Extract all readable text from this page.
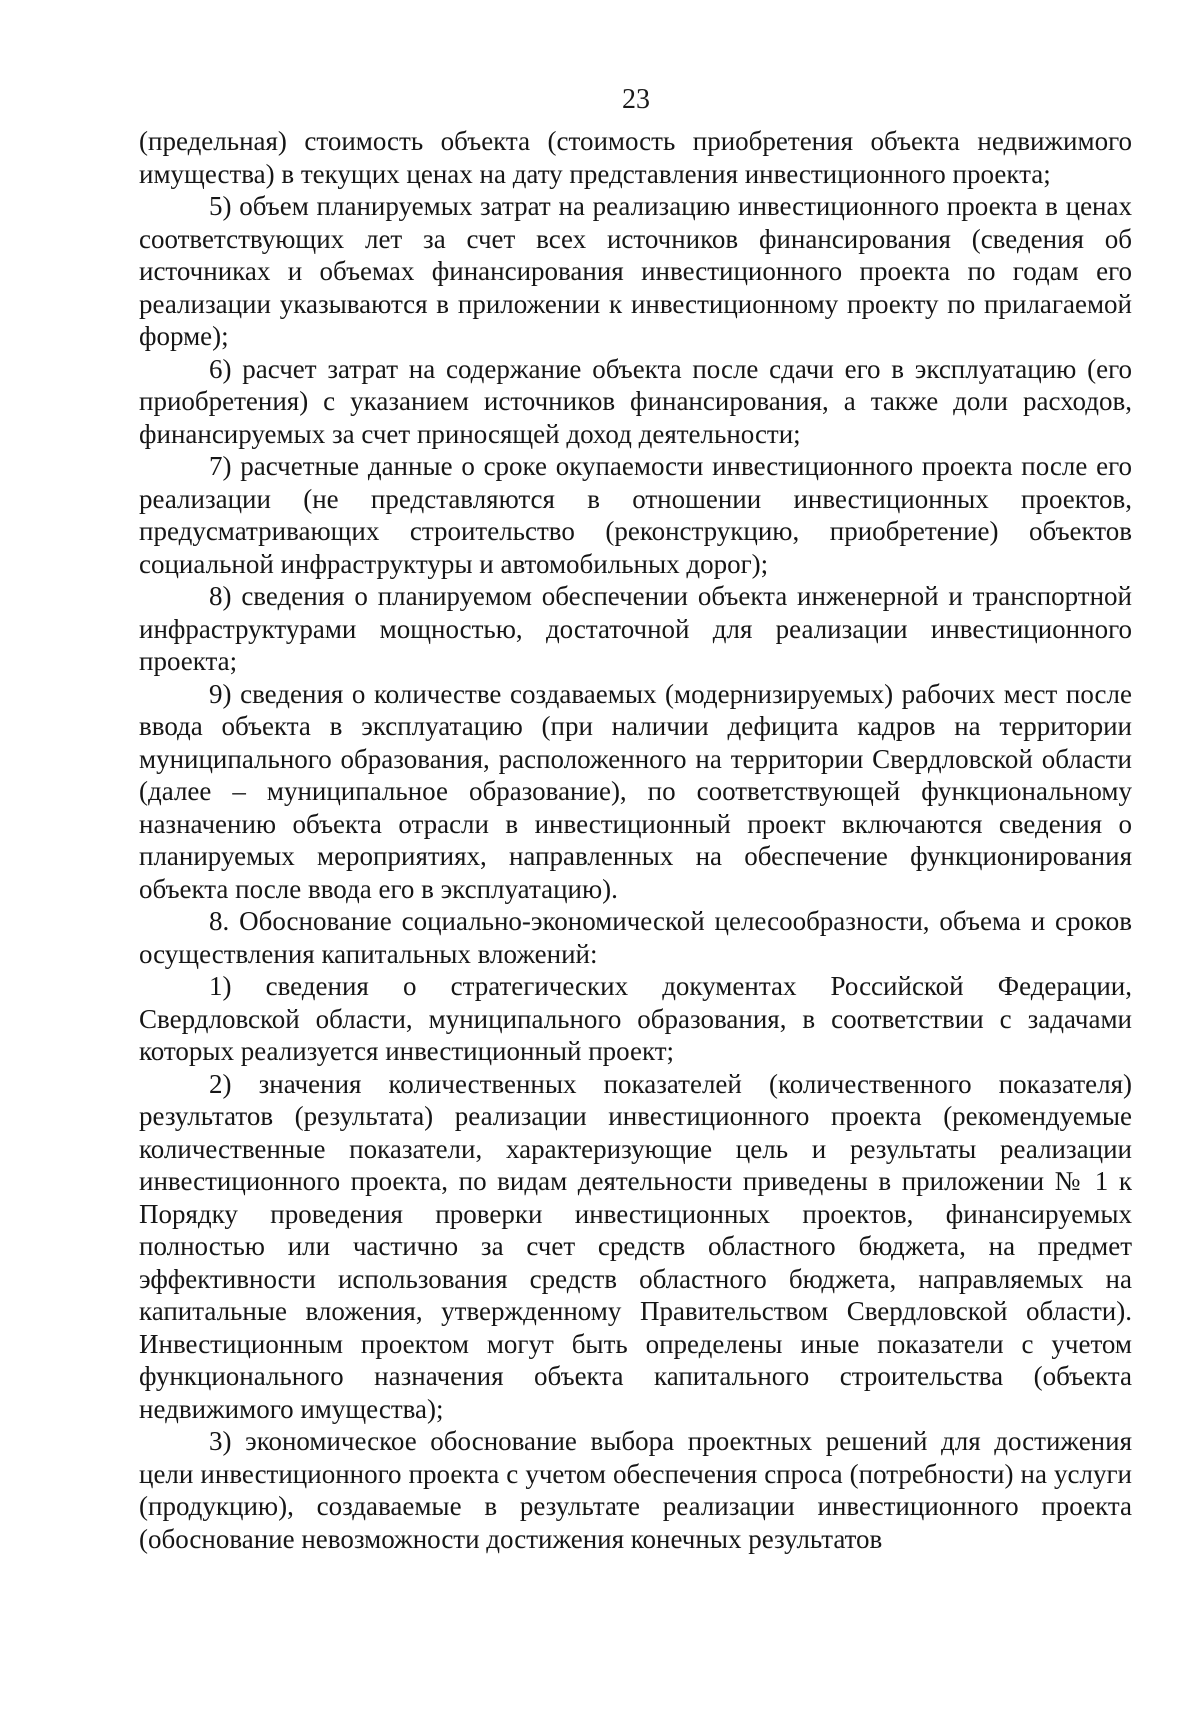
23

(предельная) стоимость объекта (стоимость приобретения объекта недвижимого имущества) в текущих ценах на дату представления инвестиционного проекта;

5) объем планируемых затрат на реализацию инвестиционного проекта в ценах соответствующих лет за счет всех источников финансирования (сведения об источниках и объемах финансирования инвестиционного проекта по годам его реализации указываются в приложении к инвестиционному проекту по прилагаемой форме);

6) расчет затрат на содержание объекта после сдачи его в эксплуатацию (его приобретения) с указанием источников финансирования, а также доли расходов, финансируемых за счет приносящей доход деятельности;

7) расчетные данные о сроке окупаемости инвестиционного проекта после его реализации (не представляются в отношении инвестиционных проектов, предусматривающих строительство (реконструкцию, приобретение) объектов социальной инфраструктуры и автомобильных дорог);

8) сведения о планируемом обеспечении объекта инженерной и транспортной инфраструктурами мощностью, достаточной для реализации инвестиционного проекта;

9) сведения о количестве создаваемых (модернизируемых) рабочих мест после ввода объекта в эксплуатацию (при наличии дефицита кадров на территории муниципального образования, расположенного на территории Свердловской области (далее – муниципальное образование), по соответствующей функциональному назначению объекта отрасли в инвестиционный проект включаются сведения о планируемых мероприятиях, направленных на обеспечение функционирования объекта после ввода его в эксплуатацию).

8. Обоснование социально-экономической целесообразности, объема и сроков осуществления капитальных вложений:

1) сведения о стратегических документах Российской Федерации, Свердловской области, муниципального образования, в соответствии с задачами которых реализуется инвестиционный проект;

2) значения количественных показателей (количественного показателя) результатов (результата) реализации инвестиционного проекта (рекомендуемые количественные показатели, характеризующие цель и результаты реализации инвестиционного проекта, по видам деятельности приведены в приложении № 1 к Порядку проведения проверки инвестиционных проектов, финансируемых полностью или частично за счет средств областного бюджета, на предмет эффективности использования средств областного бюджета, направляемых на капитальные вложения, утвержденному Правительством Свердловской области). Инвестиционным проектом могут быть определены иные показатели с учетом функционального назначения объекта капитального строительства (объекта недвижимого имущества);

3) экономическое обоснование выбора проектных решений для достижения цели инвестиционного проекта с учетом обеспечения спроса (потребности) на услуги (продукцию), создаваемые в результате реализации инвестиционного проекта (обоснование невозможности достижения конечных результатов
